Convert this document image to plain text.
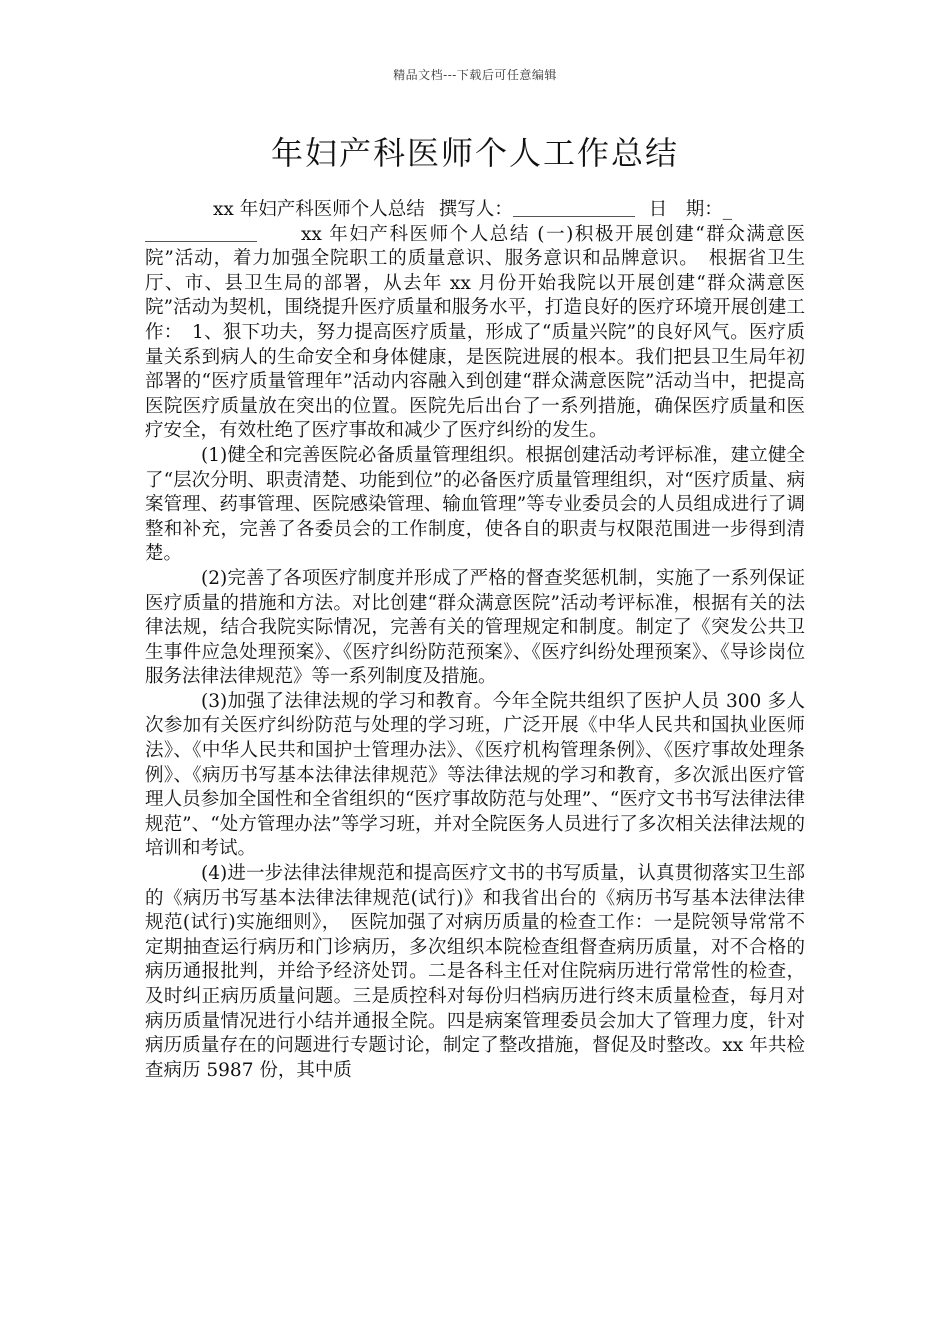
精品文档---下载后可任意编辑
年妇产科医师个人工作总结

xx 年妇产科医师个人总结 撰写人：	日　期：_

xx 年妇产科医师个人总结 (一)积极开展创建“群众满意医院”活动，着力加强全院职工的质量意识、服务意识和品牌意识。　根据省卫生厅、市、县卫生局的部署，从去年 xx 月份开始我院以开展创建“群众满意医院”活动为契机，围绕提升医疗质量和服务水平，打造良好的医疗环境开展创建工作：　1、狠下功夫，努力提高医疗质量，形成了“质量兴院”的良好风气。医疗质量关系到病人的生命安全和身体健康，是医院进展的根本。我们把县卫生局年初部署的“医疗质量管理年”活动内容融入到创建“群众满意医院”活动当中，把提高医院医疗质量放在突出的位置。医院先后出台了一系列措施，确保医疗质量和医疗安全，有效杜绝了医疗事故和减少了医疗纠纷的发生。

(1)健全和完善医院必备质量管理组织。根据创建活动考评标准，建立健全了“层次分明、职责清楚、功能到位”的必备医疗质量管理组织，对“医疗质量、病案管理、药事管理、医院感染管理、输血管理”等专业委员会的人员组成进行了调整和补充，完善了各委员会的工作制度，使各自的职责与权限范围进一步得到清楚。

(2)完善了各项医疗制度并形成了严格的督查奖惩机制，实施了一系列保证医疗质量的措施和方法。对比创建“群众满意医院”活动考评标准，根据有关的法律法规，结合我院实际情况，完善有关的管理规定和制度。制定了《突发公共卫生事件应急处理预案》、《医疗纠纷防范预案》、《医疗纠纷处理预案》、《导诊岗位服务法律法律规范》等一系列制度及措施。

(3)加强了法律法规的学习和教育。今年全院共组织了医护人员 300 多人次参加有关医疗纠纷防范与处理的学习班，广泛开展《中华人民共和国执业医师法》、《中华人民共和国护士管理办法》、《医疗机构管理条例》、《医疗事故处理条例》、《病历书写基本法律法律规范》等法律法规的学习和教育，多次派出医疗管理人员参加全国性和全省组织的“医疗事故防范与处理”、“医疗文书书写法律法律规范”、“处方管理办法”等学习班，并对全院医务人员进行了多次相关法律法规的培训和考试。

(4)进一步法律法律规范和提高医疗文书的书写质量，认真贯彻落实卫生部的《病历书写基本法律法律规范(试行)》和我省出台的《病历书写基本法律法律规范(试行)实施细则》，　医院加强了对病历质量的检查工作：一是院领导常常不定期抽查运行病历和门诊病历，多次组织本院检查组督查病历质量，对不合格的病历通报批判，并给予经济处罚。二是各科主任对住院病历进行常常性的检查，及时纠正病历质量问题。三是质控科对每份归档病历进行终末质量检查，每月对病历质量情况进行小结并通报全院。四是病案管理委员会加大了管理力度，针对病历质量存在的问题进行专题讨论，制定了整改措施，督促及时整改。xx 年共检查病历 5987 份，其中质
